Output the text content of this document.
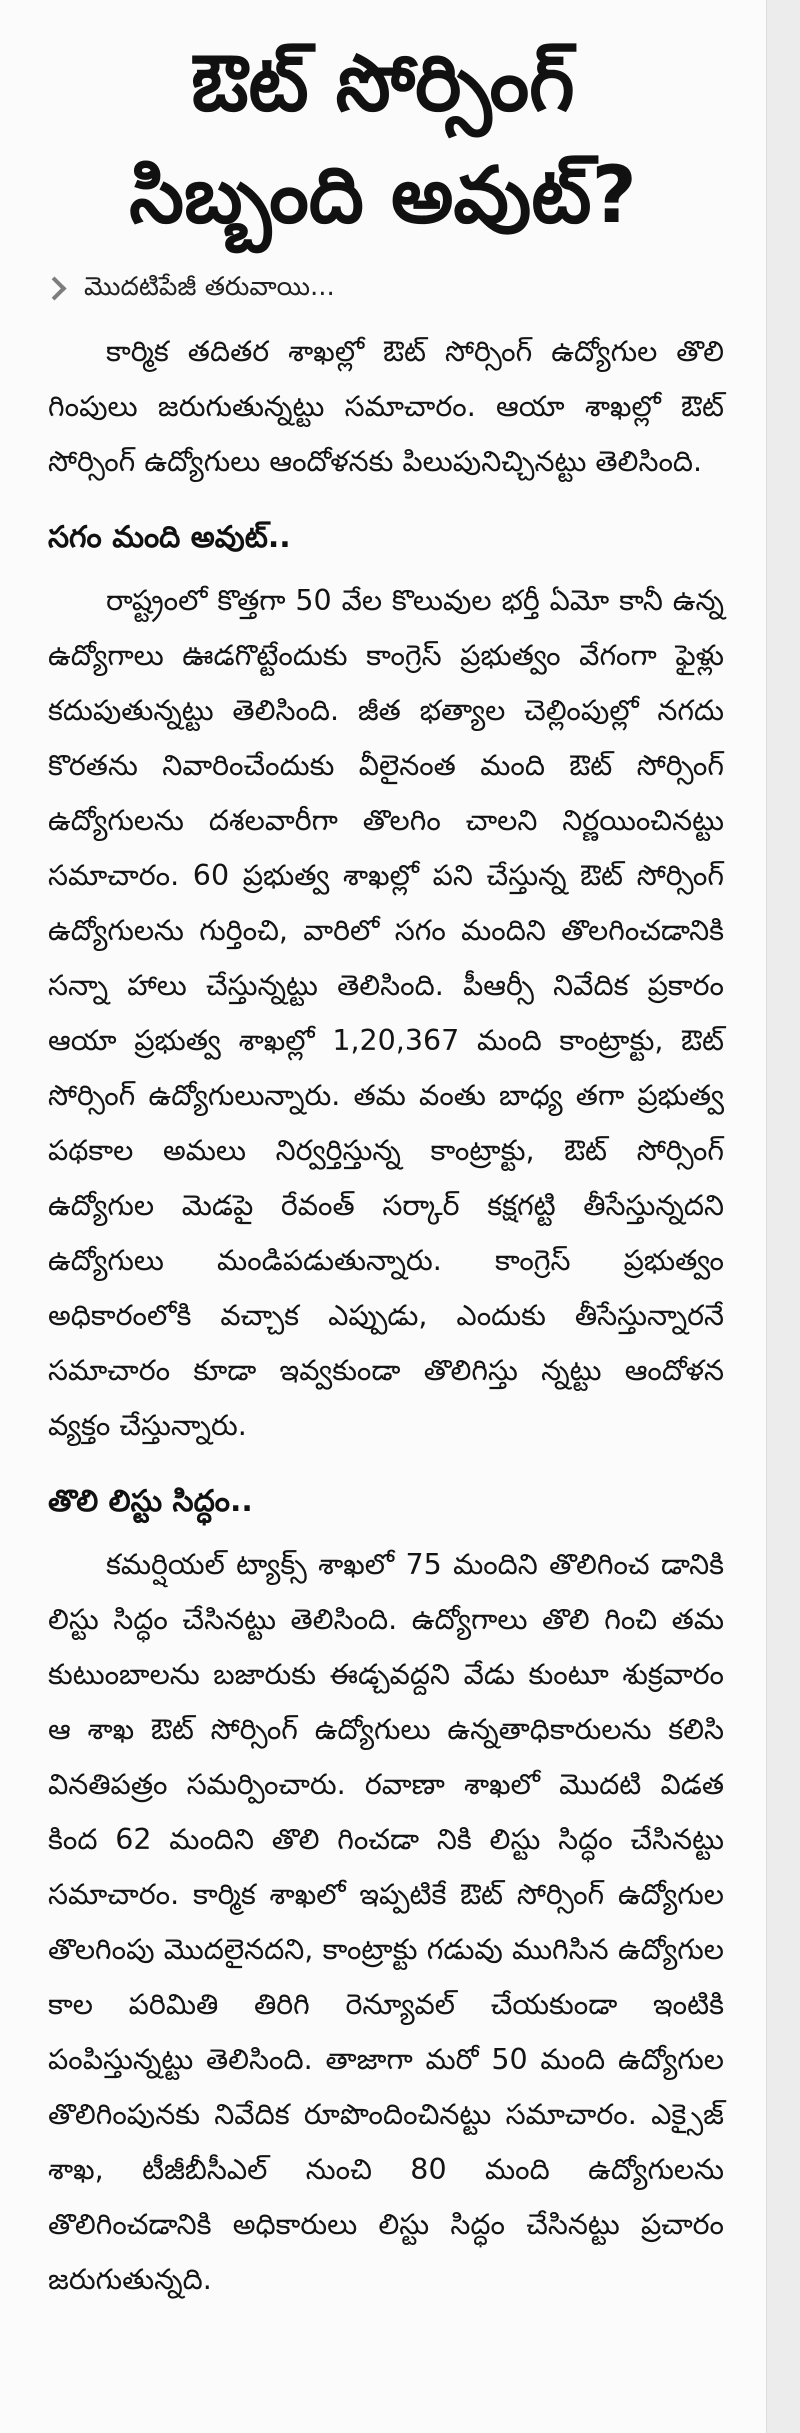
ఔట్ సోర్సింగ్
సిబ్బంది అవుట్?
మొదటిపేజీ తరువాయి...

కార్మిక తదితర శాఖల్లో ఔట్ సోర్సింగ్ ఉద్యోగుల తొలి గింపులు జరుగుతున్నట్టు సమాచారం. ఆయా శాఖల్లో ఔట్ సోర్సింగ్ ఉద్యోగులు ఆందోళనకు పిలుపునిచ్చినట్టు తెలిసింది.

సగం మంది అవుట్..

రాష్ట్రంలో కొత్తగా 50 వేల కొలువుల భర్తీ ఏమో కానీ ఉన్న ఉద్యోగాలు ఊడగొట్టేందుకు కాంగ్రెస్ ప్రభుత్వం వేగంగా ఫైళ్లు కదుపుతున్నట్టు తెలిసింది. జీత భత్యాల చెల్లింపుల్లో నగదు కొరతను నివారించేందుకు వీలైనంత మంది ఔట్ సోర్సింగ్ ఉద్యోగులను దశలవారీగా తొలగిం చాలని నిర్ణయించినట్టు సమాచారం. 60 ప్రభుత్వ శాఖల్లో పని చేస్తున్న ఔట్ సోర్సింగ్ ఉద్యోగులను గుర్తించి, వారిలో సగం మందిని తొలగించడానికి సన్నా హాలు చేస్తున్నట్టు తెలిసింది. పీఆర్సీ నివేదిక ప్రకారం ఆయా ప్రభుత్వ శాఖల్లో 1,20,367 మంది కాంట్రాక్టు, ఔట్ సోర్సింగ్ ఉద్యోగులున్నారు. తమ వంతు బాధ్య తగా ప్రభుత్వ పథకాల అమలు నిర్వర్తిస్తున్న కాంట్రాక్టు, ఔట్ సోర్సింగ్ ఉద్యోగుల మెడపై రేవంత్ సర్కార్ కక్షగట్టి తీసేస్తున్నదని ఉద్యోగులు మండిపడుతున్నారు. కాంగ్రెస్ ప్రభుత్వం అధికారంలోకి వచ్చాక ఎప్పుడు, ఎందుకు తీసేస్తున్నారనే సమాచారం కూడా ఇవ్వకుండా తొలిగిస్తు న్నట్టు ఆందోళన వ్యక్తం చేస్తున్నారు.

తొలి లిస్టు సిద్ధం..

కమర్షియల్ ట్యాక్స్ శాఖలో 75 మందిని తొలిగించ డానికి లిస్టు సిద్ధం చేసినట్టు తెలిసింది. ఉద్యోగాలు తొలి గించి తమ కుటుంబాలను బజారుకు ఈడ్చవద్దని వేడు కుంటూ శుక్రవారం ఆ శాఖ ఔట్ సోర్సింగ్ ఉద్యోగులు ఉన్నతాధికారులను కలిసి వినతిపత్రం సమర్పించారు. రవాణా శాఖలో మొదటి విడత కింద 62 మందిని తొలి గించడా నికి లిస్టు సిద్ధం చేసినట్టు సమాచారం. కార్మిక శాఖలో ఇప్పటికే ఔట్ సోర్సింగ్ ఉద్యోగుల తొలగింపు మొదలైనదని, కాంట్రాక్టు గడువు ముగిసిన ఉద్యోగుల కాల పరిమితి తిరిగి రెన్యూవల్ చేయకుండా ఇంటికి పంపిస్తున్నట్టు తెలిసింది. తాజాగా మరో 50 మంది ఉద్యోగుల తొలిగింపునకు నివేదిక రూపొందించినట్టు సమాచారం. ఎక్సైజ్ శాఖ, టీజీబీసీఎల్ నుంచి 80 మంది ఉద్యోగులను తొలిగించడానికి అధికారులు లిస్టు సిద్ధం చేసినట్టు ప్రచారం జరుగుతున్నది.
